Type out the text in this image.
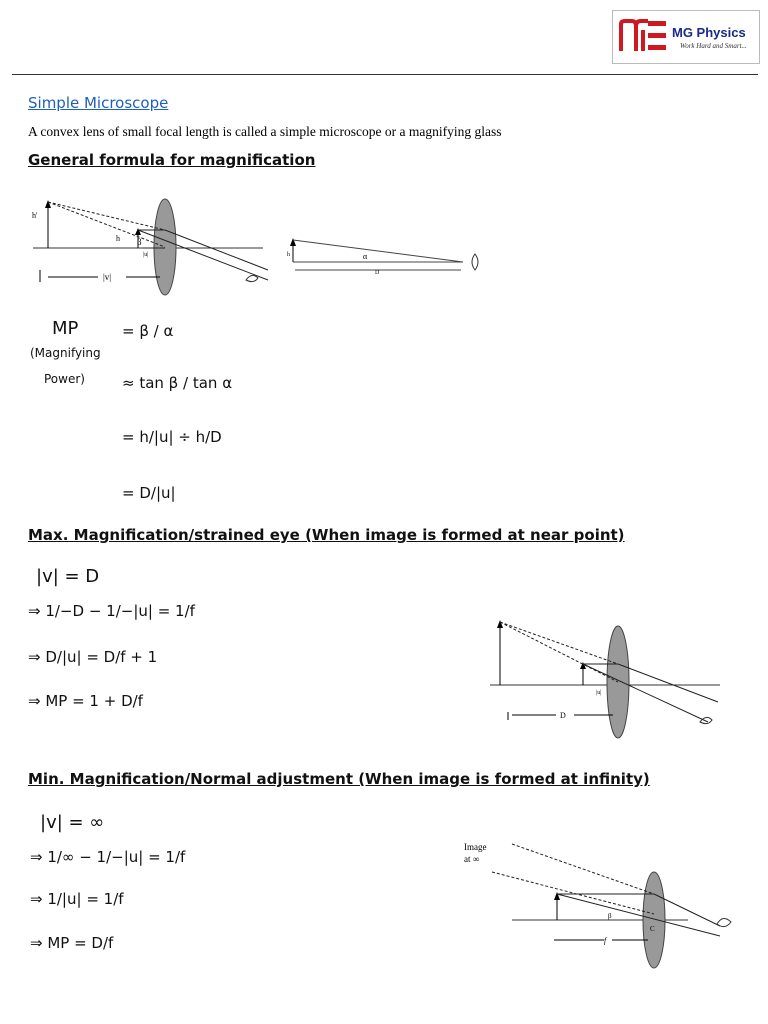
MG Physics
Work Hard and Smart...
Simple Microscope
A convex lens of small focal length is called a simple microscope or a magnifying glass
General formula for magnification
h'
h β
|u|
|v|
h	α
D
MP
(Magnifying
Power)
= β / α
≈ tan β / tan α
= h/|u| ÷ h/D
= D/|u|
Max. Magnification/strained eye (When image is formed at near point)
|v| = D
⇒ 1/−D − 1/−|u| = 1/f
⇒ D/|u| = D/f + 1
⇒ MP = 1 + D/f	|u|
D
Min. Magnification/Normal adjustment (When image is formed at infinity)
|v| = ∞
⇒ 1/∞ − 1/−|u| = 1/f
⇒ 1/|u| = 1/f
⇒ MP = D/f
Image
at ∞
β
f
C
